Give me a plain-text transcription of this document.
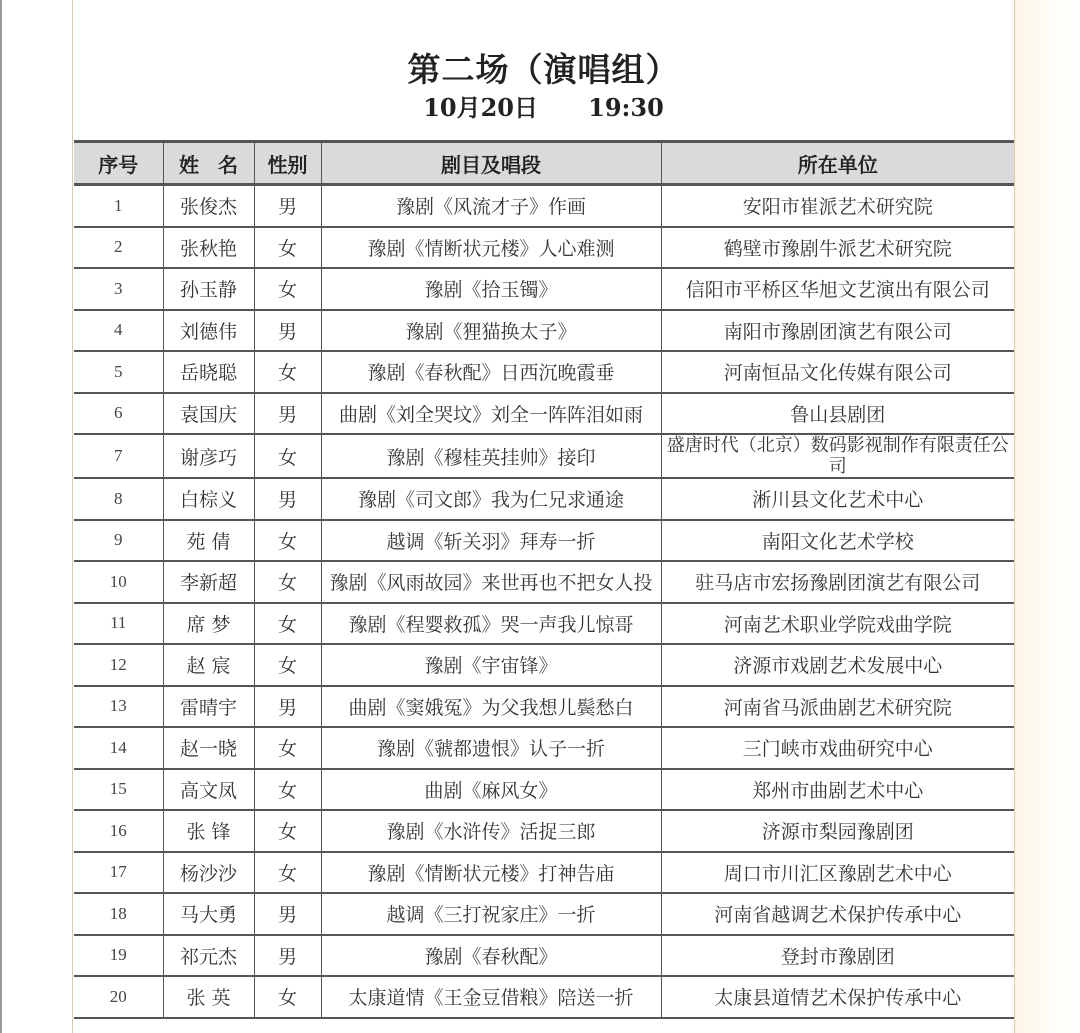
第二场（演唱组）
10月20日      19:30
序号	姓 名	性别	剧目及唱段	所在单位
1	张俊杰	男	豫剧《风流才子》作画	安阳市崔派艺术研究院
2	张秋艳	女	豫剧《情断状元楼》人心难测	鹤壁市豫剧牛派艺术研究院
3	孙玉静	女	豫剧《拾玉镯》	信阳市平桥区华旭文艺演出有限公司
4	刘德伟	男	豫剧《狸猫换太子》	南阳市豫剧团演艺有限公司
5	岳晓聪	女	豫剧《春秋配》日西沉晚霞垂	河南恒品文化传媒有限公司
6	袁国庆	男	曲剧《刘全哭坟》刘全一阵阵泪如雨	鲁山县剧团
7	谢彦巧	女	豫剧《穆桂英挂帅》接印	盛唐时代（北京）数码影视制作有限责任公司
8	白棕义	男	豫剧《司文郎》我为仁兄求通途	淅川县文化艺术中心
9	苑 倩	女	越调《斩关羽》拜寿一折	南阳文化艺术学校
10	李新超	女	豫剧《风雨故园》来世再也不把女人投	驻马店市宏扬豫剧团演艺有限公司
11	席 梦	女	豫剧《程婴救孤》哭一声我儿惊哥	河南艺术职业学院戏曲学院
12	赵 宸	女	豫剧《宇宙锋》	济源市戏剧艺术发展中心
13	雷晴宇	男	曲剧《窦娥冤》为父我想儿鬓愁白	河南省马派曲剧艺术研究院
14	赵一晓	女	豫剧《虢都遗恨》认子一折	三门峡市戏曲研究中心
15	高文凤	女	曲剧《麻风女》	郑州市曲剧艺术中心
16	张 锋	女	豫剧《水浒传》活捉三郎	济源市梨园豫剧团
17	杨沙沙	女	豫剧《情断状元楼》打神告庙	周口市川汇区豫剧艺术中心
18	马大勇	男	越调《三打祝家庄》一折	河南省越调艺术保护传承中心
19	祁元杰	男	豫剧《春秋配》	登封市豫剧团
20	张 英	女	太康道情《王金豆借粮》陪送一折	太康县道情艺术保护传承中心
